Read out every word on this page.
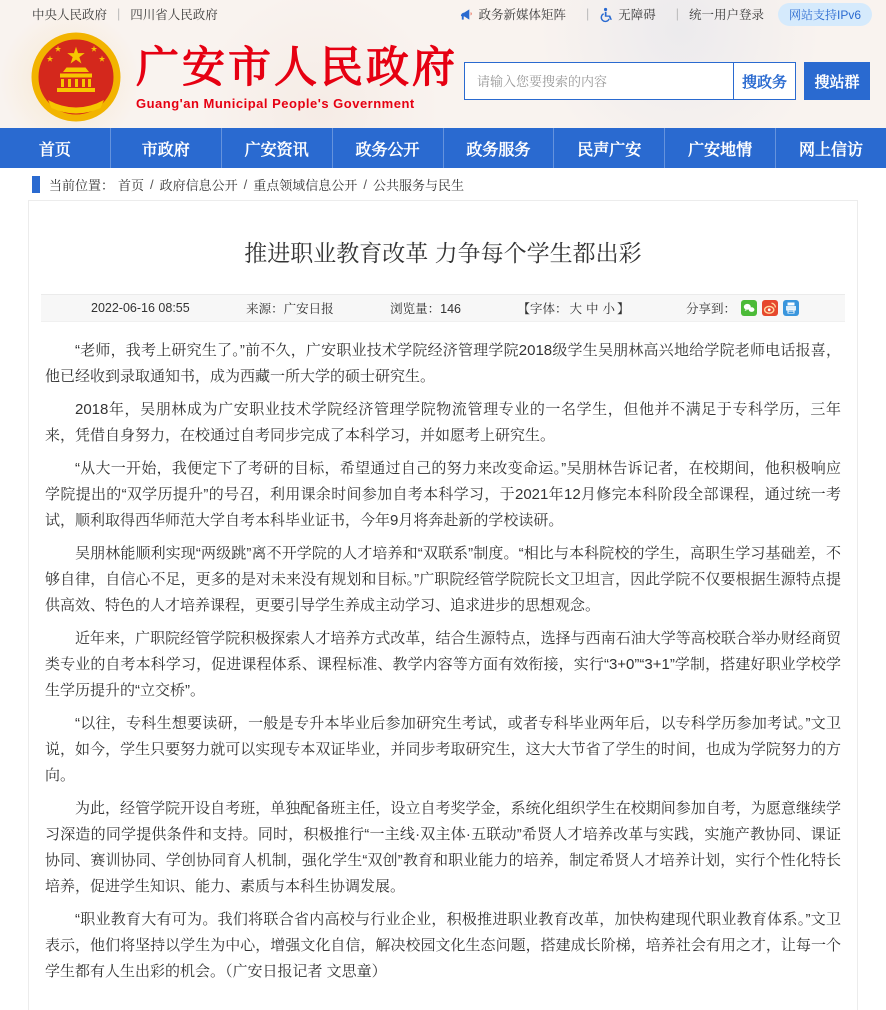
中央人民政府 | 四川省人民政府	政务新媒体矩阵 | 无障碍 | 统一用户登录	网站支持IPv6
广安市人民政府
Guang'an Municipal People's Government
请输入您要搜索的内容
搜政务	搜站群
首页	市政府	广安资讯	政务公开	政务服务	民声广安	广安地情	网上信访
当前位置： 首页 / 政府信息公开 / 重点领域信息公开 / 公共服务与民生
推进职业教育改革 力争每个学生都出彩
2022-06-16 08:55	来源：广安日报	浏览量：146	【字体： 大 中 小 】	分享到：

“老师，我考上研究生了。”前不久，广安职业技术学院经济管理学院2018级学生吴朋林高兴地给学院老师电话报喜，他已经收到录取通知书，成为西藏一所大学的硕士研究生。

2018年，吴朋林成为广安职业技术学院经济管理学院物流管理专业的一名学生，但他并不满足于专科学历，三年来，凭借自身努力，在校通过自考同步完成了本科学习，并如愿考上研究生。

“从大一开始，我便定下了考研的目标，希望通过自己的努力来改变命运。”吴朋林告诉记者，在校期间，他积极响应学院提出的“双学历提升”的号召，利用课余时间参加自考本科学习，于2021年12月修完本科阶段全部课程，通过统一考试，顺利取得西华师范大学自考本科毕业证书，今年9月将奔赴新的学校读研。

吴朋林能顺利实现“两级跳”离不开学院的人才培养和“双联系”制度。“相比与本科院校的学生，高职生学习基础差，不够自律，自信心不足，更多的是对未来没有规划和目标。”广职院经管学院院长文卫坦言，因此学院不仅要根据生源特点提供高效、特色的人才培养课程，更要引导学生养成主动学习、追求进步的思想观念。

近年来，广职院经管学院积极探索人才培养方式改革，结合生源特点，选择与西南石油大学等高校联合举办财经商贸类专业的自考本科学习，促进课程体系、课程标准、教学内容等方面有效衔接，实行“3+0”“3+1”学制，搭建好职业学校学生学历提升的“立交桥”。

“以往，专科生想要读研，一般是专升本毕业后参加研究生考试，或者专科毕业两年后，以专科学历参加考试。”文卫说，如今，学生只要努力就可以实现专本双证毕业，并同步考取研究生，这大大节省了学生的时间，也成为学院努力的方向。

为此，经管学院开设自考班，单独配备班主任，设立自考奖学金，系统化组织学生在校期间参加自考，为愿意继续学习深造的同学提供条件和支持。同时，积极推行“一主线·双主体·五联动”希贤人才培养改革与实践，实施产教协同、课证协同、赛训协同、学创协同育人机制，强化学生“双创”教育和职业能力的培养，制定希贤人才培养计划，实行个性化特长培养，促进学生知识、能力、素质与本科生协调发展。

“职业教育大有可为。我们将联合省内高校与行业企业，积极推进职业教育改革，加快构建现代职业教育体系。”文卫表示，他们将坚持以学生为中心，增强文化自信，解决校园文化生态问题，搭建成长阶梯，培养社会有用之才，让每一个学生都有人生出彩的机会。（广安日报记者 文思童）
